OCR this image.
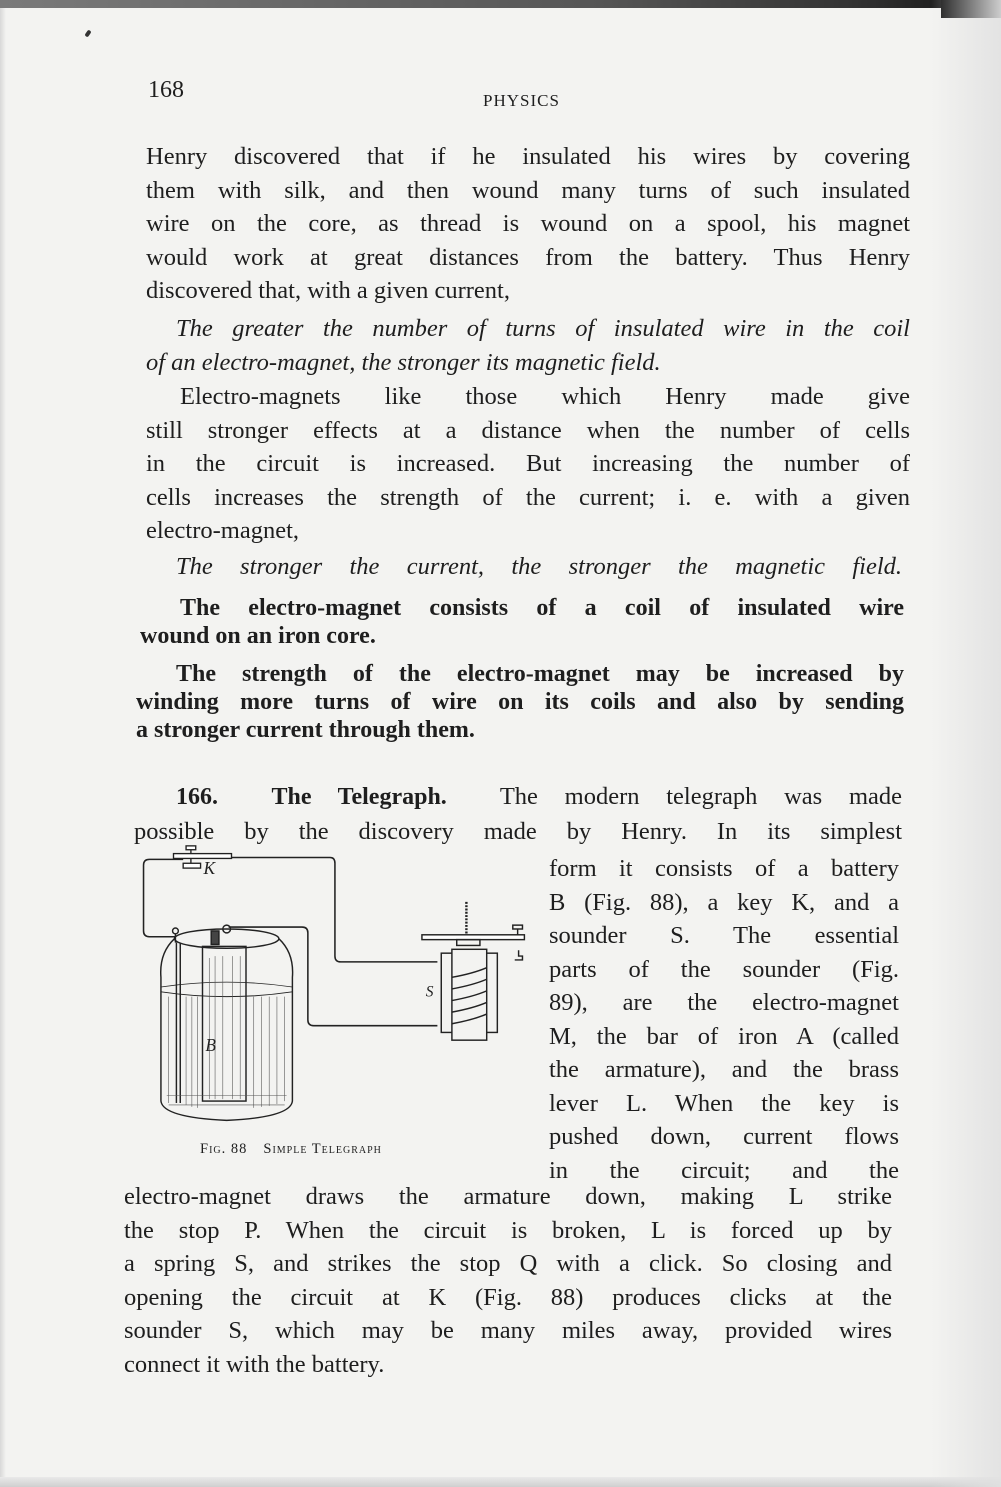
168	PHYSICS
Henry discovered that if he insulated his wires by covering
them with silk, and then wound many turns of such insulated
wire on the core, as thread is wound on a spool, his magnet
would work at great distances from the battery. Thus Henry
discovered that, with a given current,
The greater the number of turns of insulated wire in the coil
of an electro-magnet, the stronger its magnetic field.
Electro-magnets like those which Henry made give
still stronger effects at a distance when the number of cells
in the circuit is increased. But increasing the number of
cells increases the strength of the current; i. e. with a given
electro-magnet,
The stronger the current, the stronger the magnetic field.
The electro-magnet consists of a coil of insulated wire
wound on an iron core.
The strength of the electro-magnet may be increased by
winding more turns of wire on its coils and also by sending
a stronger current through them.
166. The Telegraph. The modern telegraph was made
possible by the discovery made by Henry. In its simplest
K
B
S
Fig. 88 Simple Telegraph
form it consists of a battery
B (Fig. 88), a key K, and a
sounder S. The essential
parts of the sounder (Fig.
89), are the electro-magnet
M, the bar of iron A (called
the armature), and the brass
lever L. When the key is
pushed down, current flows
in the circuit; and the
electro-magnet draws the armature down, making L strike
the stop P. When the circuit is broken, L is forced up by
a spring S, and strikes the stop Q with a click. So closing and
opening the circuit at K (Fig. 88) produces clicks at the
sounder S, which may be many miles away, provided wires
connect it with the battery.
